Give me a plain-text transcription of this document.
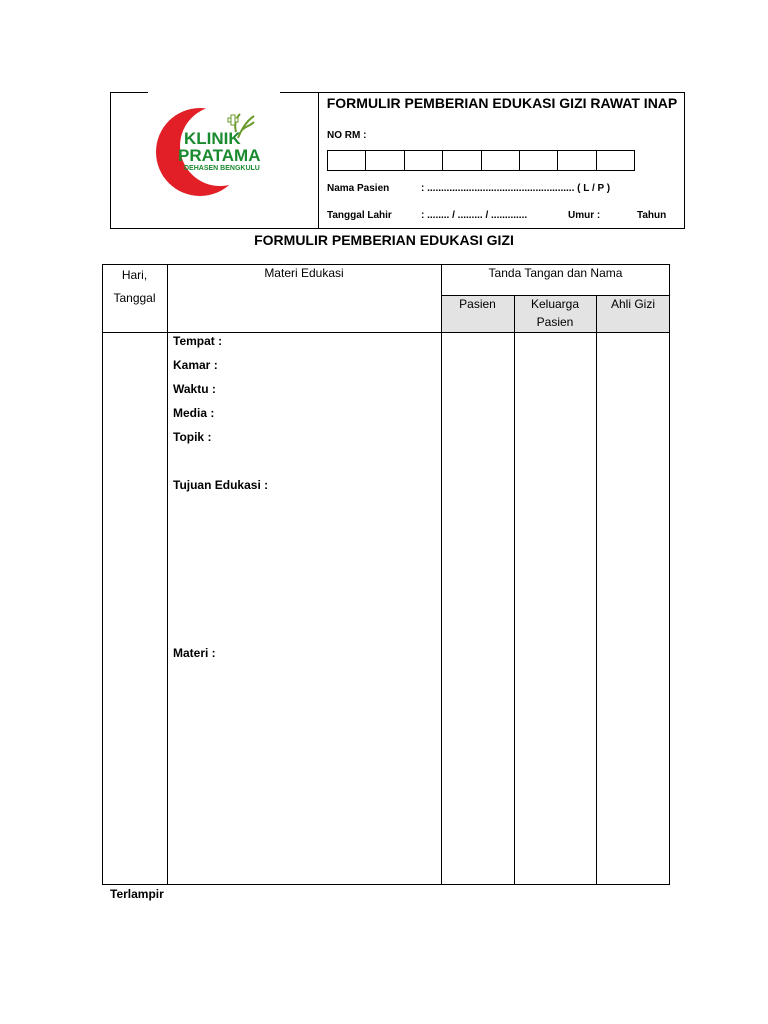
KLINIK
PRATAMA
DEHASEN BENGKULU
FORMULIR PEMBERIAN EDUKASI GIZI RAWAT INAP
NO RM :
Nama Pasien	: ..................................................... ( L / P )
Tanggal Lahir	: ........ / ......... / .............	Umur :	Tahun
FORMULIR PEMBERIAN EDUKASI GIZI
Hari,
Tanggal
Materi Edukasi	Tanda Tangan dan Nama
Pasien	Keluarga
Pasien
Ahli Gizi
Tempat :
Kamar :
Waktu :
Media :
Topik :
Tujuan Edukasi :
Materi :
Terlampir
